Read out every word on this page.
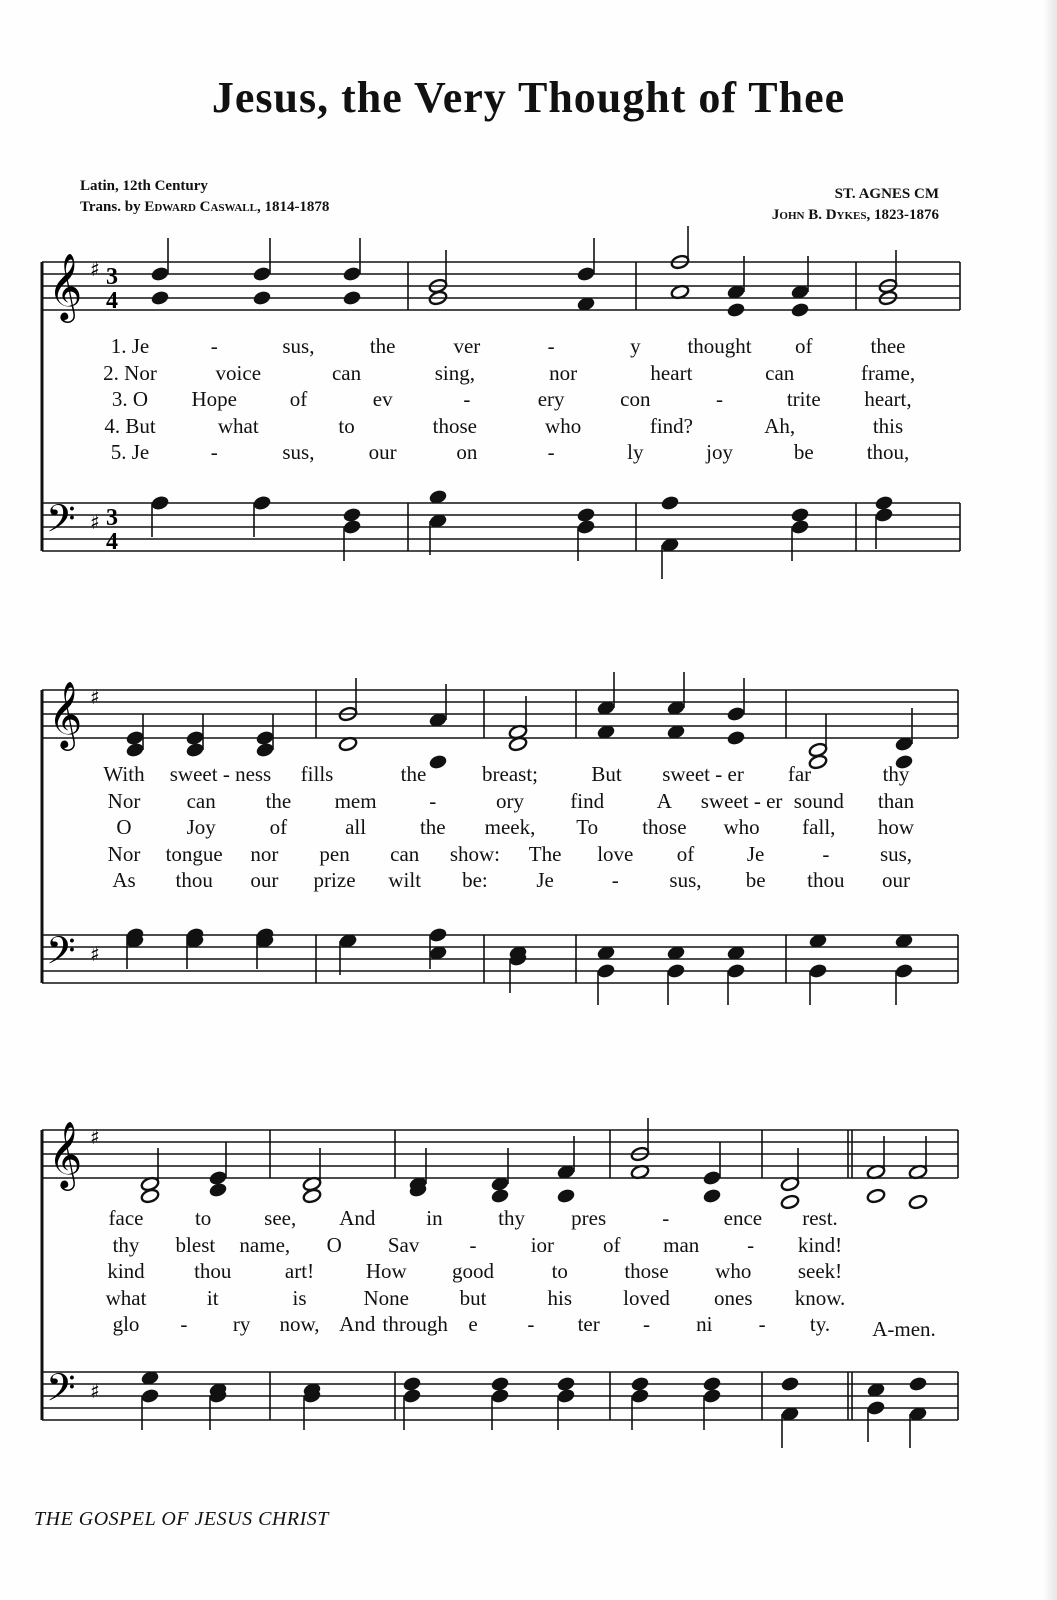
Jesus, the Very Thought of Thee
Latin, 12th Century
Trans. by Edward Caswall, 1814-1878
ST. AGNES CM
John B. Dykes, 1823-1876
𝄞
𝄢
♯
♯
3
4
3
4
𝄞
𝄢
♯
♯
𝄞
𝄢
♯
♯
1. Je	-	sus,	the	ver	-	y thought of	thee
2. Nor	voice	can	sing,	nor	heart	can	frame,
3. O Hope	of	ev	-	ery	con	-	trite heart,
4. But	what	to	those	who	find?	Ah,	this
5. Je	-	sus,	our	on	-	ly	joy	be	thou,
With sweet - ness fills	the	breast;	But sweet - er far	thy
Nor can the mem	-	ory find	A sweet - er sound than
O	Joy	of	all	the meek, To those who fall, how
Nor tongue nor pen can show: The love of	Je	- sus,
As thou our prize wilt be: Je	- sus, be thou our
face to	see, And in	thy pres	-	ence rest.
thy blest name, O Sav -	ior of man - kind!
kind thou	art! How good	to	those who seek!
what	it	is	None but	his loved ones know.
glo - ry now, And through e - ter - ni - ty. A-men.
THE GOSPEL OF JESUS CHRIST
